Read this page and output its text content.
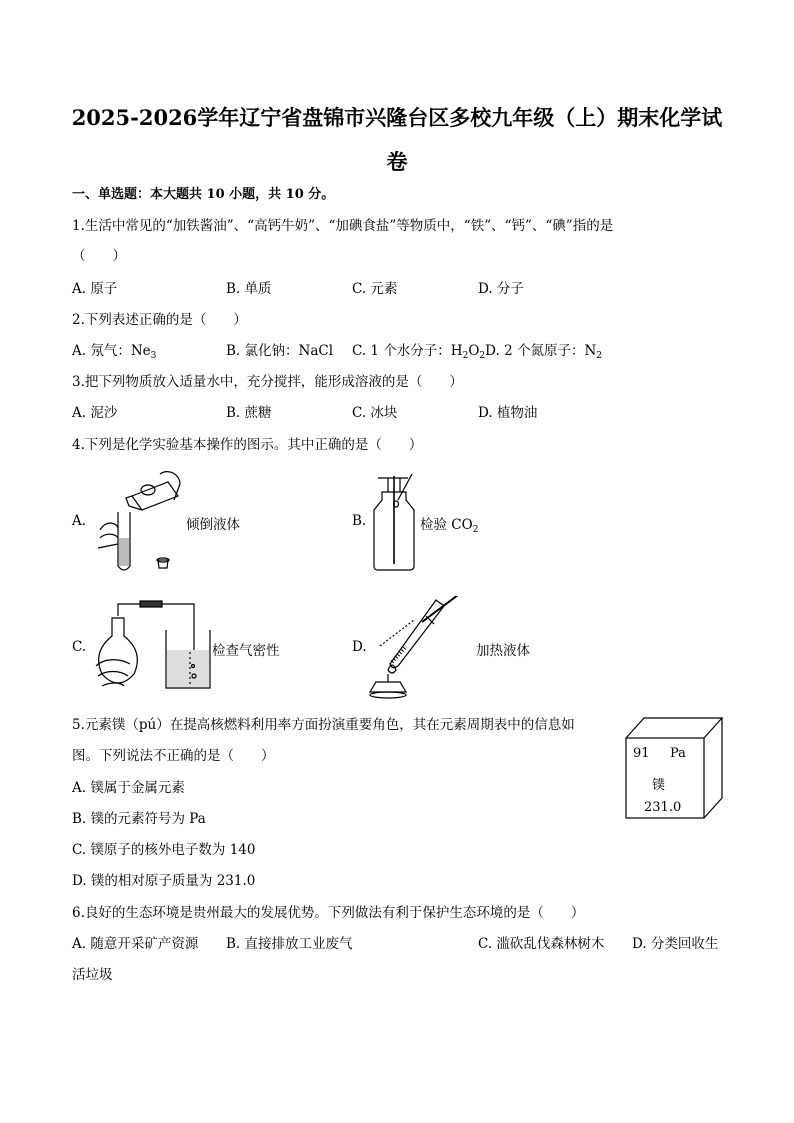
2025-2026学年辽宁省盘锦市兴隆台区多校九年级（上）期末化学试
卷
一、单选题：本大题共 10 小题，共 10 分。
1.生活中常见的“加铁酱油”、“高钙牛奶”、“加碘食盐”等物质中，“铁”、“钙”、“碘”指的是
（　　）
A. 原子	B. 单质	C. 元素	D. 分子
2.下列表述正确的是（　　）
A. 氖气：$Ne_3$	B. 氯化钠：NaCl C. 1 个水分子：$H_2O_2D$. 2 个氮原子：$N_2$
3.把下列物质放入适量水中，充分搅拌，能形成溶液的是（　　）
A. 泥沙	B. 蔗糖	C. 冰块	D. 植物油
4.下列是化学实验基本操作的图示。其中正确的是（　　）
A.	倾倒液体	B.	检验 $CO_2$
C.	检查气密性	D.	加热液体
5.元素镤（pú）在提高核燃料利用率方面扮演重要角色，其在元素周期表中的信息如
图。下列说法不正确的是（　　）
A. 镤属于金属元素
B. 镤的元素符号为 Pa
C. 镤原子的核外电子数为 140
D. 镤的相对原子质量为 231.0
91 Pa
镤
231.0
6.良好的生态环境是贵州最大的发展优势。下列做法有利于保护生态环境的是（　　）
A. 随意开采矿产资源 B. 直接排放工业废气	C. 滥砍乱伐森林树木 D. 分类回收生
活垃圾
